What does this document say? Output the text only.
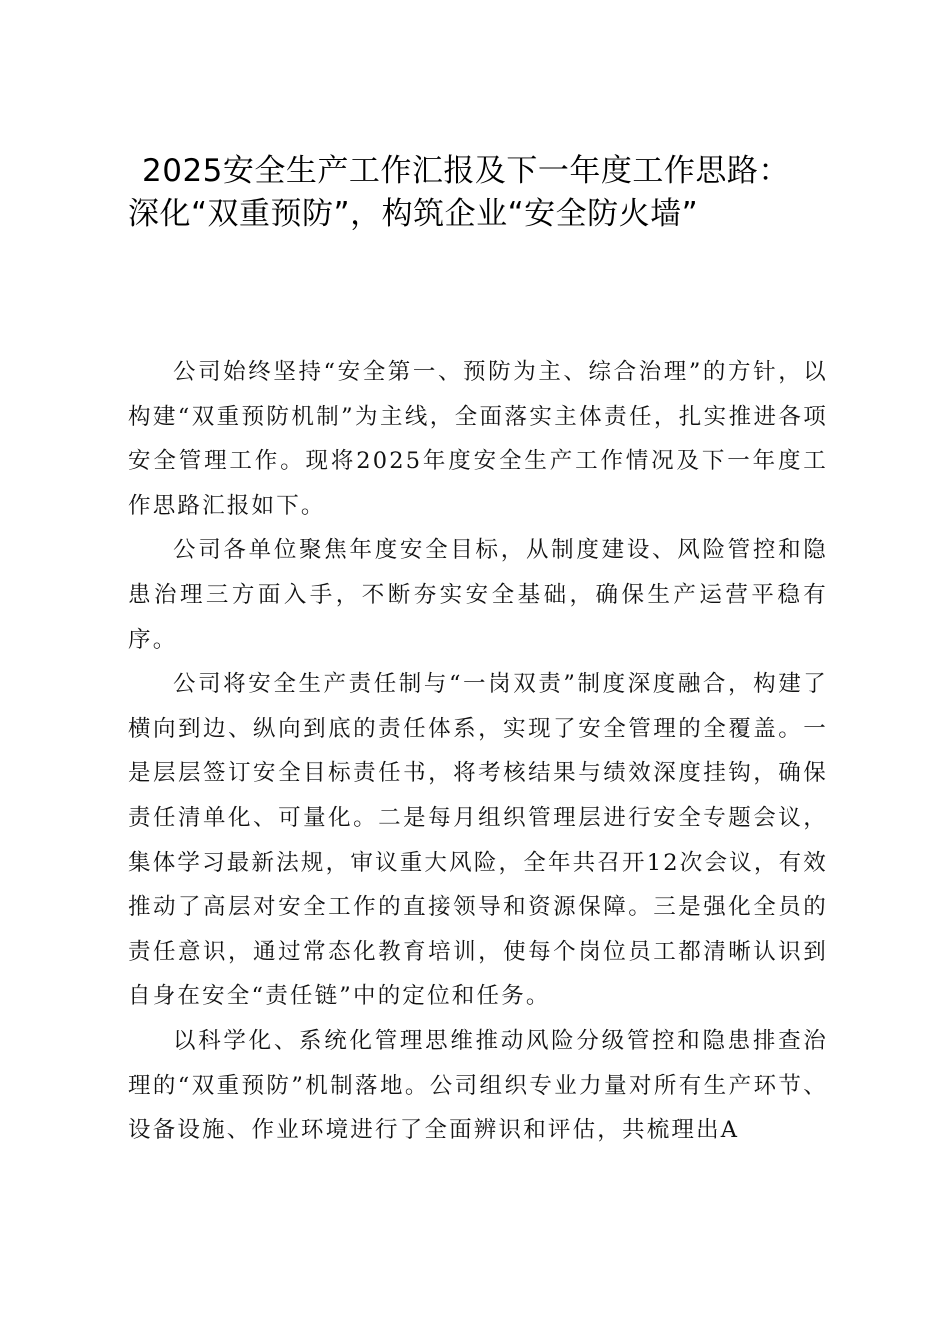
2025安全生产工作汇报及下一年度工作思路：
深化“双重预防”，构筑企业“安全防火墙”

公司始终坚持“安全第一、预防为主、综合治理”的方针，以构建“双重预防机制”为主线，全面落实主体责任，扎实推进各项安全管理工作。现将2025年度安全生产工作情况及下一年度工作思路汇报如下。

公司各单位聚焦年度安全目标，从制度建设、风险管控和隐患治理三方面入手，不断夯实安全基础，确保生产运营平稳有序。

公司将安全生产责任制与“一岗双责”制度深度融合，构建了横向到边、纵向到底的责任体系，实现了安全管理的全覆盖。一是层层签订安全目标责任书，将考核结果与绩效深度挂钩，确保责任清单化、可量化。二是每月组织管理层进行安全专题会议，集体学习最新法规，审议重大风险，全年共召开12次会议，有效推动了高层对安全工作的直接领导和资源保障。三是强化全员的责任意识，通过常态化教育培训，使每个岗位员工都清晰认识到自身在安全“责任链”中的定位和任务。

以科学化、系统化管理思维推动风险分级管控和隐患排查治理的“双重预防”机制落地。公司组织专业力量对所有生产环节、设备设施、作业环境进行了全面辨识和评估，共梳理出A
